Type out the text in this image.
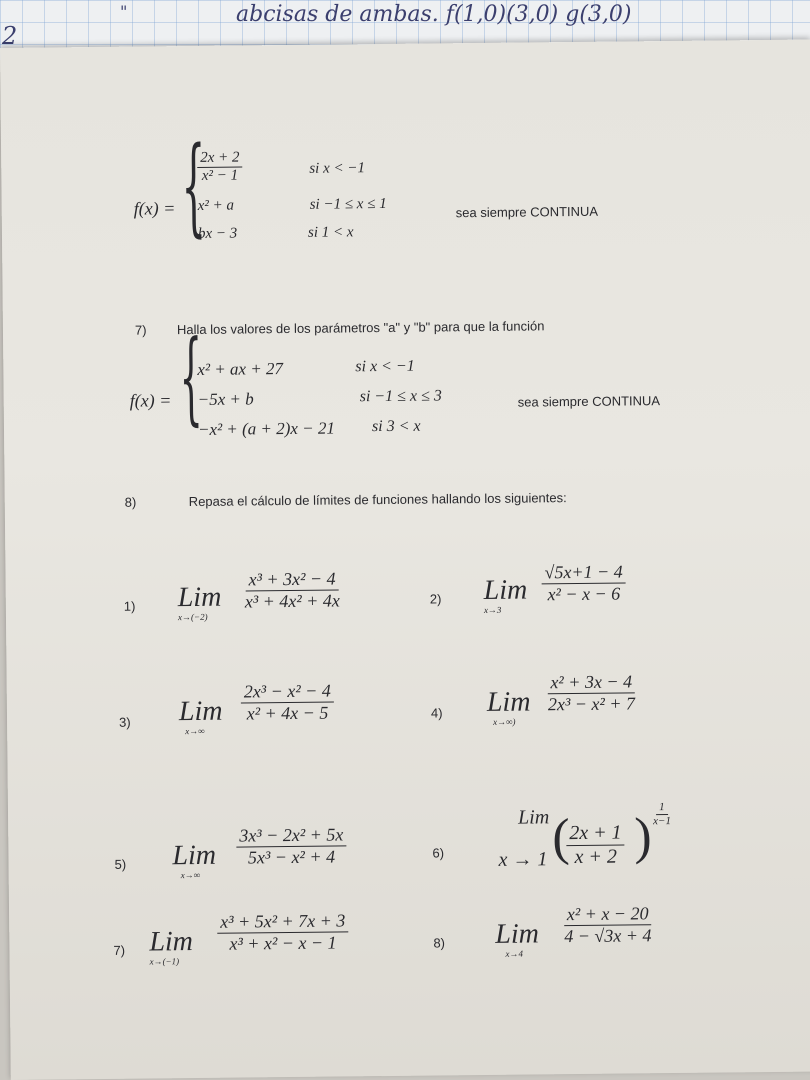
2
"	abcisas de ambas. f(1,0)(3,0) g(3,0)
f(x) = {
$\frac{2x + 2}{\text{x² − 1}}$	si x < −1
x² + a	si −1 ≤ x ≤ 1
bx − 3	si 1 < x
sea siempre CONTINUA
7) Halla los valores de los parámetros "a" y "b" para que la función
f(x) = {
x² + ax + 27	si x < −1
−5x + b	si −1 ≤ x ≤ 3
−x² + (a + 2)x − 21 si 3 < x
sea siempre CONTINUA
8)	Repasa el cálculo de límites de funciones hallando los siguientes:
1) Lim
x→(−2)
$\frac{\text{x³ + 3x² − 4}}{\text{x³ + 4x² + 4x}}$	2) Lim
x→3
$\frac{√5x+1 - 4}{\text{x² − x − 6}}$
3) Lim
x→∞
$\frac{\text{2x³ − x² − 4}}{\text{x² + 4x − 5}}$	4) Lim
x→∞)
$\frac{\text{x² + 3x − 4}}{\text{2x³ − x² + 7}}$
5) Lim
x→∞
$\frac{\text{3x³ − 2x² + 5x}}{\text{5x³ − x² + 4}}$	6)
Lim
x → 1 (
$\frac{2x + 1}{x + 2}$ )
$\frac{1}{x-1}$
7) Lim
x→(−1)
$\frac{\text{x³ + 5x² + 7x + 3}}{\text{x³ + x² − x − 1}}$	8) Lim
x→4
$\frac{\text{x² + x − 20}}{4 - √3x + 4}$
